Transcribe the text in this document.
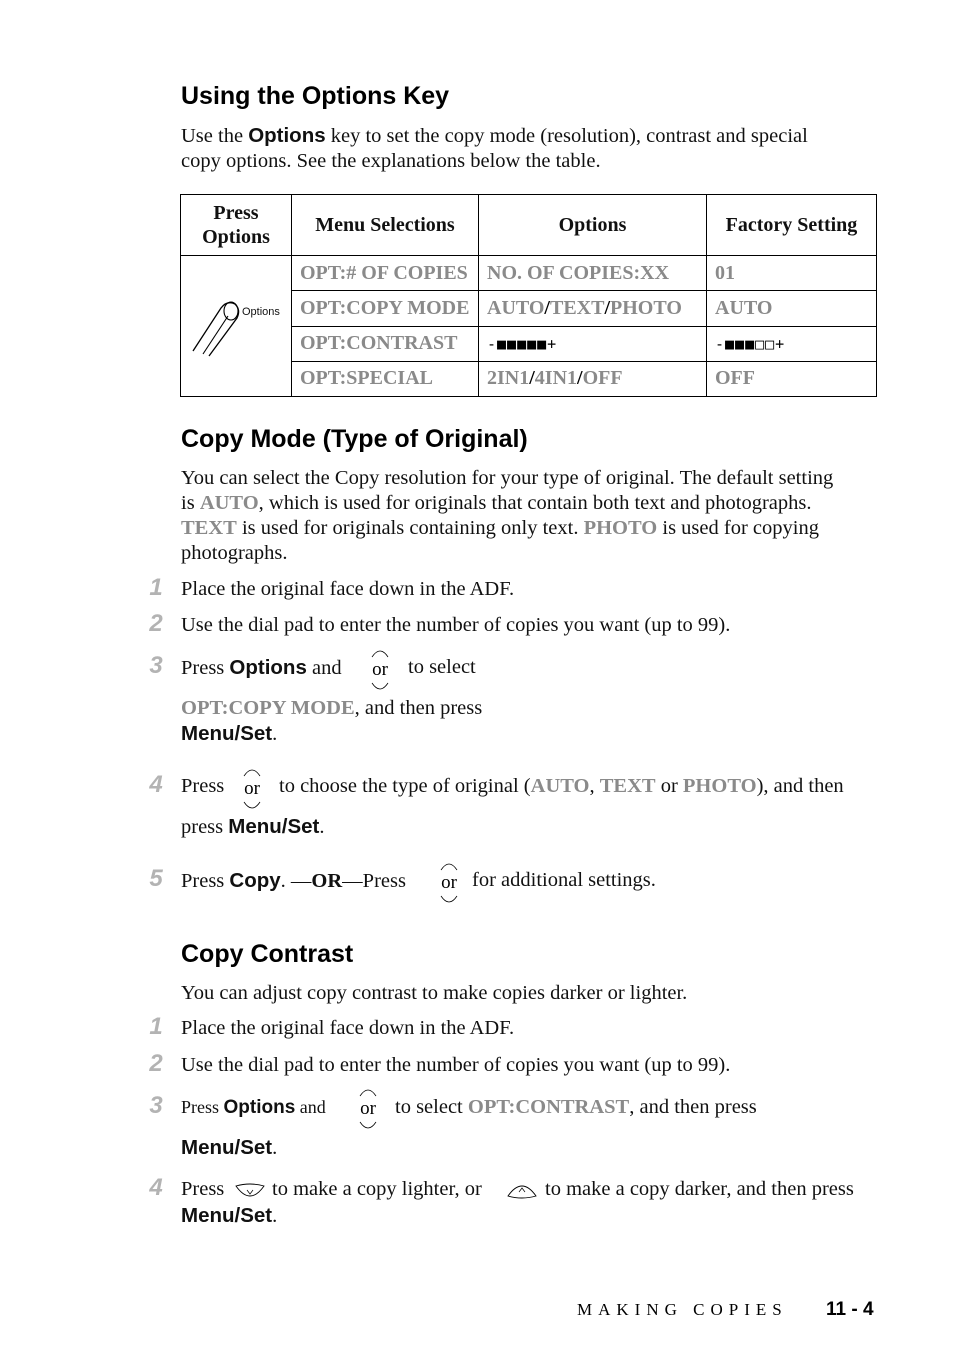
Using the Options Key
Use the Options key to set the copy mode (resolution), contrast and special
copy options. See the explanations below the table.
Press
Options	Menu Selections	Options	Factory Setting

Options	OPT:# OF COPIES	NO. OF COPIES:XX	01
	OPT:COPY MODE	AUTO/TEXT/PHOTO	AUTO
	OPT:CONTRAST	-■■■■■+	-■■■□□+
	OPT:SPECIAL	2IN1/4IN1/OFF	OFF
Copy Mode (Type of Original)
You can select the Copy resolution for your type of original. The default setting
is AUTO, which is used for originals that contain both text and photographs.
TEXT is used for originals containing only text. PHOTO is used for copying
photographs.
1 Place the original face down in the ADF.
2 Use the dial pad to enter the number of copies you want (up to 99).
3 Press Options and or to select
OPT:COPY MODE, and then press
Menu/Set.
4 Press or to choose the type of original (AUTO, TEXT or PHOTO), and then
press Menu/Set.
5 Press Copy. —OR—Press or for additional settings.
Copy Contrast
You can adjust copy contrast to make copies darker or lighter.
1 Place the original face down in the ADF.
2 Use the dial pad to enter the number of copies you want (up to 99).
3 Press Options and or to select OPT:CONTRAST, and then press
Menu/Set.
4 Press to make a copy lighter, or	to make a copy darker, and then press
Menu/Set.
MAKING COPIES 11 - 4
